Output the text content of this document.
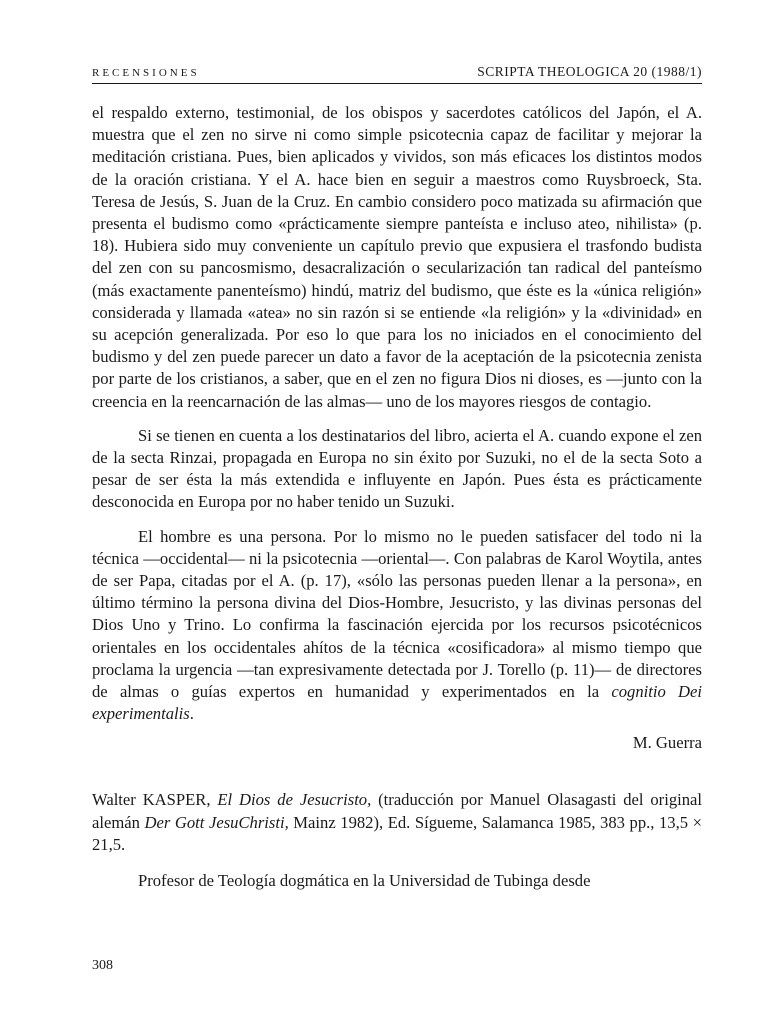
RECENSIONES	SCRIPTA THEOLOGICA 20 (1988/1)

el respaldo externo, testimonial, de los obispos y sacerdotes católicos del Japón, el A. muestra que el zen no sirve ni como simple psicotecnia capaz de facilitar y mejorar la meditación cristiana. Pues, bien aplicados y vividos, son más eficaces los distintos modos de la oración cristiana. Y el A. hace bien en seguir a maestros como Ruysbroeck, Sta. Teresa de Jesús, S. Juan de la Cruz. En cambio considero poco matizada su afirmación que presenta el budismo como «prácticamente siempre panteísta e incluso ateo, nihilista» (p. 18). Hubiera sido muy conveniente un capítulo previo que expusiera el trasfondo budista del zen con su pancosmismo, desacralización o secularización tan radical del panteísmo (más exactamente panenteísmo) hindú, matriz del budismo, que éste es la «única religión» considerada y llamada «atea» no sin razón si se entiende «la religión» y la «divinidad» en su acepción generalizada. Por eso lo que para los no iniciados en el conocimiento del budismo y del zen puede parecer un dato a favor de la aceptación de la psicotecnia zenista por parte de los cristianos, a saber, que en el zen no figura Dios ni dioses, es —junto con la creencia en la reencarnación de las almas— uno de los mayores riesgos de contagio.

Si se tienen en cuenta a los destinatarios del libro, acierta el A. cuando expone el zen de la secta Rinzai, propagada en Europa no sin éxito por Suzuki, no el de la secta Soto a pesar de ser ésta la más extendida e influyente en Japón. Pues ésta es prácticamente desconocida en Europa por no haber tenido un Suzuki.

El hombre es una persona. Por lo mismo no le pueden satisfacer del todo ni la técnica —occidental— ni la psicotecnia —oriental—. Con palabras de Karol Woytila, antes de ser Papa, citadas por el A. (p. 17), «sólo las personas pueden llenar a la persona», en último término la persona divina del Dios-Hombre, Jesucristo, y las divinas personas del Dios Uno y Trino. Lo confirma la fascinación ejercida por los recursos psicotécnicos orientales en los occidentales ahítos de la técnica «cosificadora» al mismo tiempo que proclama la urgencia —tan expresivamente detectada por J. Torello (p. 11)— de directores de almas o guías expertos en humanidad y experimentados en la cognitio Dei experimentalis.

M. Guerra
Walter KASPER, El Dios de Jesucristo, (traducción por Manuel Olasagasti del original alemán Der Gott JesuChristi, Mainz 1982), Ed. Sígueme, Salamanca 1985, 383 pp., 13,5 × 21,5.
Profesor de Teología dogmática en la Universidad de Tubinga desde
308
